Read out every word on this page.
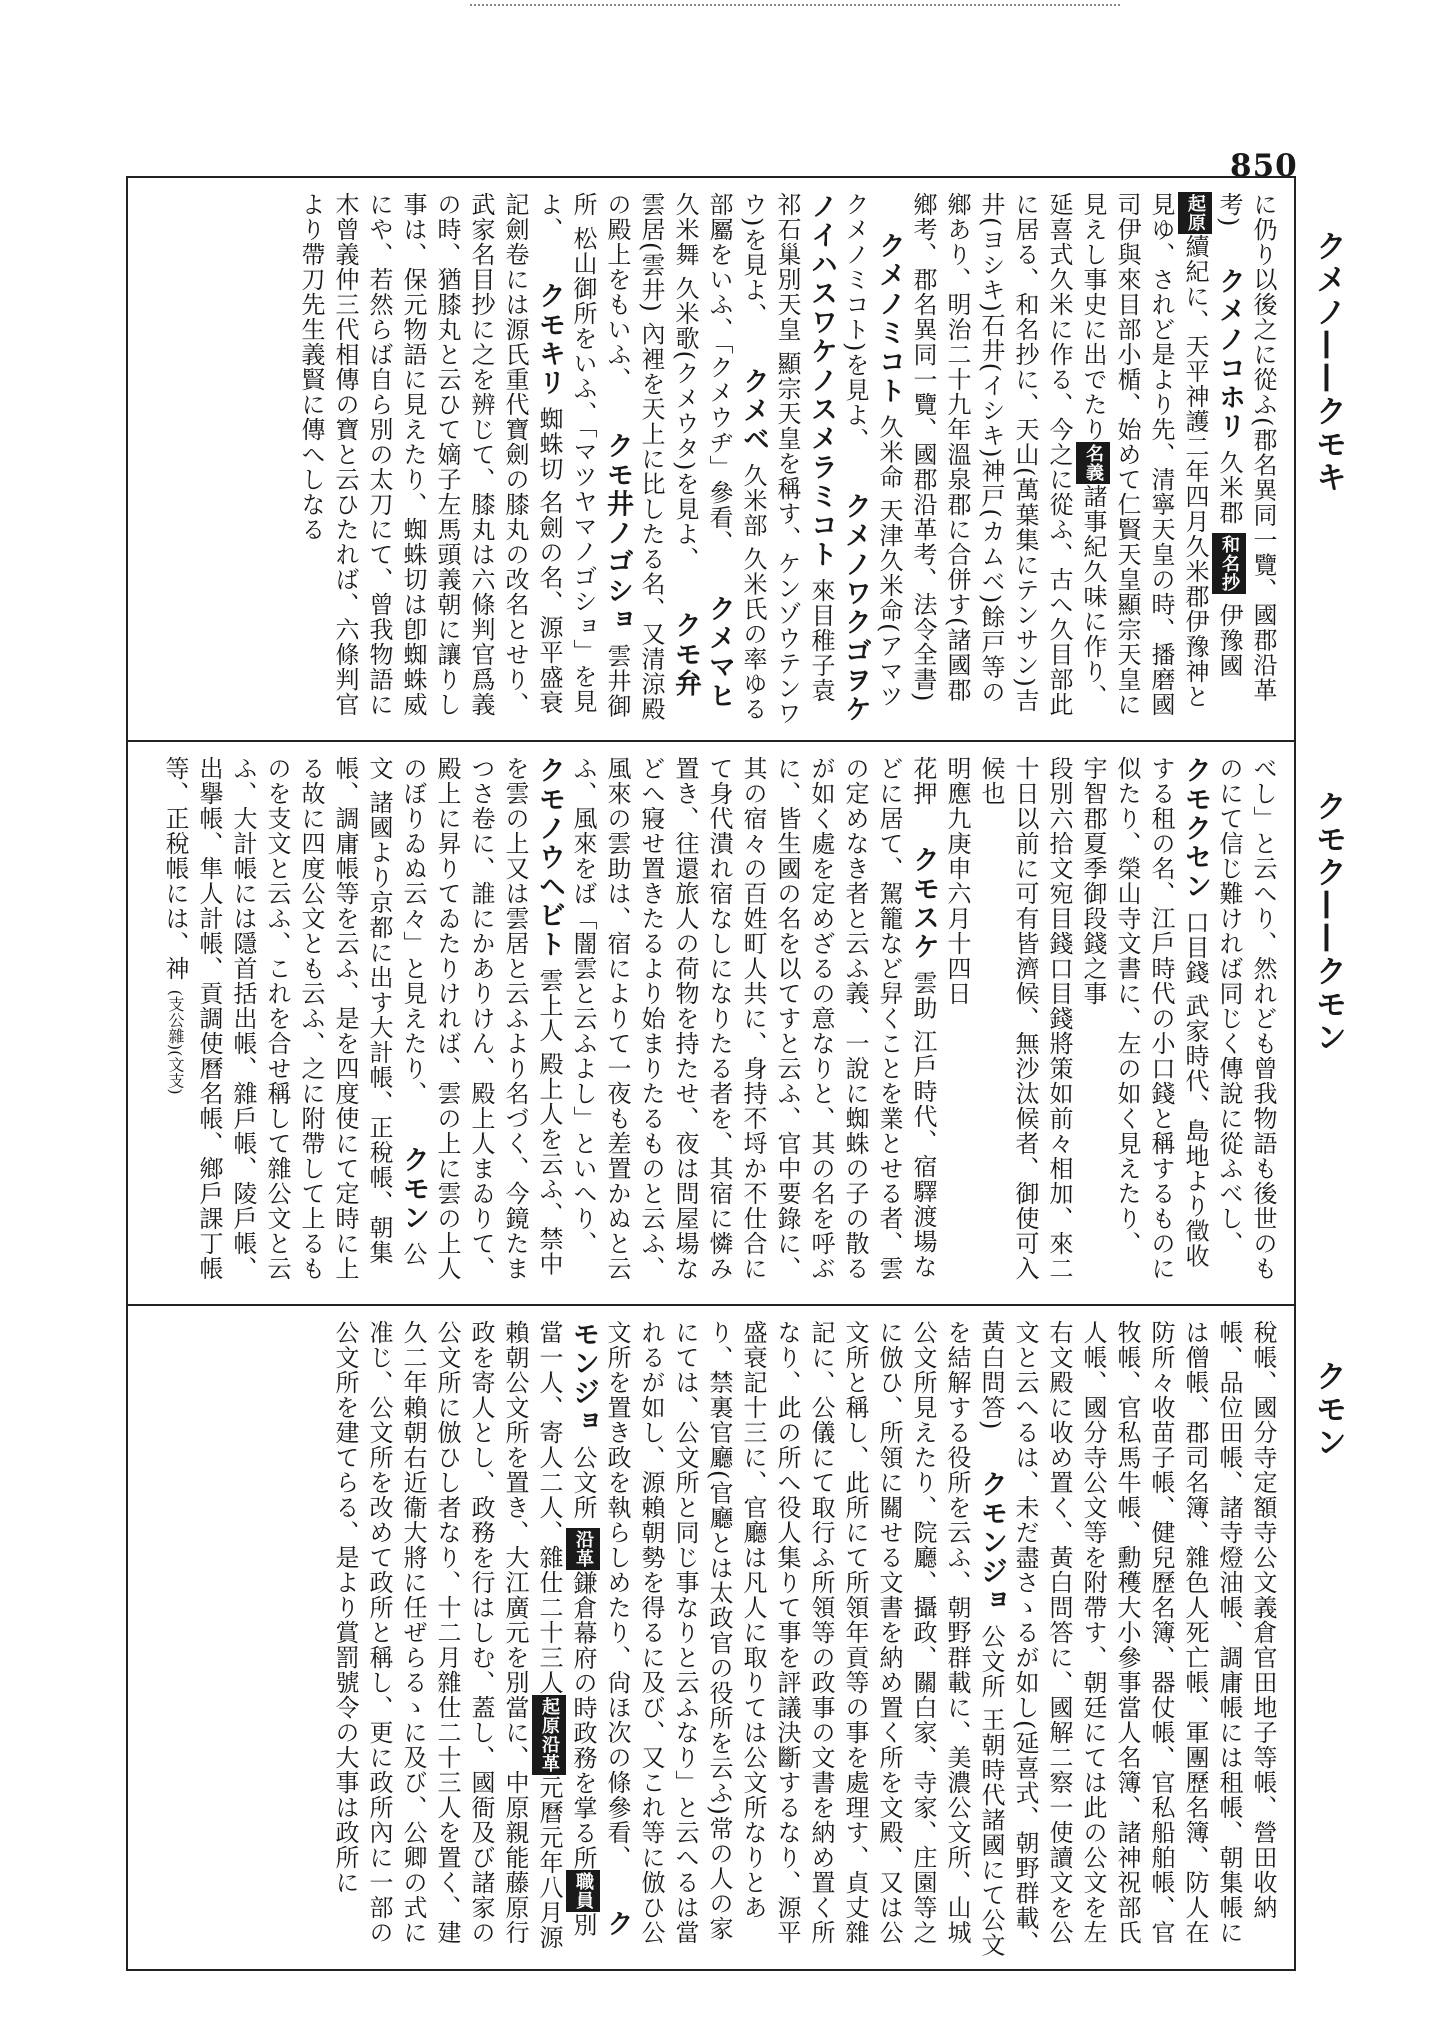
850
クメノ——クモキ
クモク——クモン
クモン
に仍り以後之に從ふ(郡名異同一覽、國郡沿革考) クメノコホリ 久米郡 和名抄 伊豫國 起原續紀に、天平神護二年四月久米郡伊豫神と見ゆ、されど是より先、清寧天皇の時、播磨國司伊與來目部小楯、始めて仁賢天皇顯宗天皇に見えし事史に出でたり名義諸事紀久味に作り、延喜式久米に作る、今之に從ふ、古へ久目部此に居る、和名抄に、天山(萬葉集にテンサン)吉井(ヨシキ)石井(イシキ)神戸(カムベ)餘戸等の鄉あり、明治二十九年溫泉郡に合併す(諸國郡鄉考、郡名異同一覽、國郡沿革考、法令全書) クメノミコト 久米命 天津久米命(アマツクメノミコト)を見よ、 クメノワクゴヲケノイハスワケノスメラミコト 來目稚子袁祁石巢別天皇 顯宗天皇を稱す、ケンゾウテンワウ)を見よ、 クメベ 久米部 久米氏の率ゆる部屬をいふ、「クメウヂ」參看、 クメマヒ 久米舞 久米歌(クメウタ)を見よ、 クモ弁 雲居(雲井) 內裡を天上に比したる名、又清涼殿の殿上をもいふ、 クモ井ノゴショ 雲井御所 松山御所をいふ、「マツヤマノゴショ」を見よ、 クモキリ 蜘蛛切 名劍の名、源平盛衰記劍卷には源氏重代寶劍の膝丸の改名とせり、武家名目抄に之を辨じて、膝丸は六條判官爲義の時、猶膝丸と云ひて嫡子左馬頭義朝に讓りし事は、保元物語に見えたり、蜘蛛切は卽蜘蛛威にや、若然らば自ら別の太刀にて、曾我物語に木曾義仲三代相傳の寶と云ひたれば、六條判官より帶刀先生義賢に傳へしなる
べし」と云へり、然れども曾我物語も後世のものにて信じ難ければ同じく傳說に從ふべし、 クモクセン 口目錢 武家時代、島地より徵收する租の名、江戶時代の小口錢と稱するものに似たり、榮山寺文書に、左の如く見えたり、
宇智郡夏季御段錢之事
段別六拾文宛目錢口目錢將策如前々相加、來二十日以前に可有皆濟候、無沙汰候者、御使可入候也
明應九庚申六月十四日
花押 クモスケ 雲助 江戶時代、宿驛渡場などに居て、駕籠など舁くことを業とせる者、雲の定めなき者と云ふ義、一說に蜘蛛の子の散るが如く處を定めざるの意なりと、其の名を呼ぶに、皆生國の名を以てすと云ふ、官中要錄に、其の宿々の百姓町人共に、身持不埒か不仕合にて身代潰れ宿なしになりたる者を、其宿に憐み置き、往還旅人の荷物を持たせ、夜は問屋場などへ寢せ置きたるより始まりたるものと云ふ、風來の雲助は、宿によりて一夜も差置かぬと云ふ、風來をば「闇雲と云ふよし」といへり、 クモノウヘビト 雲上人 殿上人を云ふ、禁中を雲の上又は雲居と云ふより名づく、今鏡たまつさ卷に、誰にかありけん、殿上人まゐりて、殿上に昇りてゐたりければ、雲の上に雲の上人のぼりゐぬ云々」と見えたり、 クモン 公文 諸國より京都に出す大計帳、正稅帳、朝集帳、調庸帳等を云ふ、是を四度使にて定時に上る故に四度公文とも云ふ、之に附帶して上るものを支文と云ふ、これを合せ稱して雜公文と云ふ、大計帳には隱首括出帳、雜戶帳、陵戶帳、出擧帳、隼人計帳、貢調使曆名帳、鄉戶課丁帳等、正稅帳には、神 (支公雜)(文支)
稅帳、國分寺定額寺公文義倉官田地子等帳、營田收納帳、品位田帳、諸寺燈油帳、調庸帳には租帳、朝集帳には僧帳、郡司名簿、雜色人死亡帳、軍團歷名簿、防人在防所々收苗子帳、健兒歷名簿、器仗帳、官私船舶帳、官牧帳、官私馬牛帳、勳穫大小參事當人名簿、諸神祝部氏人帳、國分寺公文等を附帶す、朝廷にては此の公文を左右文殿に收め置く、黃白問答に、國解二察一使讀文を公文と云へるは、未だ盡さゝるが如し(延喜式、朝野群載、黃白問答) クモンジョ 公文所 王朝時代諸國にて公文を結解する役所を云ふ、朝野群載に、美濃公文所、山城公文所見えたり、院廳、攝政、關白家、寺家、庄園等之に倣ひ、所領に關せる文書を納め置く所を文殿、又は公文所と稱し、此所にて所領年貢等の事を處理す、貞丈雜記に、公儀にて取行ふ所領等の政事の文書を納め置く所なり、此の所へ役人集りて事を評議決斷するなり、源平盛衰記十三に、官廳は凡人に取りては公文所なりとあり、禁裏官廳(官廳とは太政官の役所を云ふ)常の人の家にては、公文所と同じ事なりと云ふなり」と云へるは當れるが如し、源賴朝勢を得るに及び、又これ等に倣ひ公文所を置き政を執らしめたり、尙ほ次の條參看、 クモンジョ 公文所 沿革鎌倉幕府の時政務を掌る所職員別當一人、寄人二人、雜仕二十三人起原沿革元曆元年八月源賴朝公文所を置き、大江廣元を別當に、中原親能藤原行政を寄人とし、政務を行はしむ、蓋し、國衙及び諸家の公文所に倣ひし者なり、十二月雜仕二十三人を置く、建久二年賴朝右近衞大將に任ぜらるゝに及び、公卿の式に准じ、公文所を改めて政所と稱し、更に政所內に一部の公文所を建てらる、是より賞罰號令の大事は政所に
